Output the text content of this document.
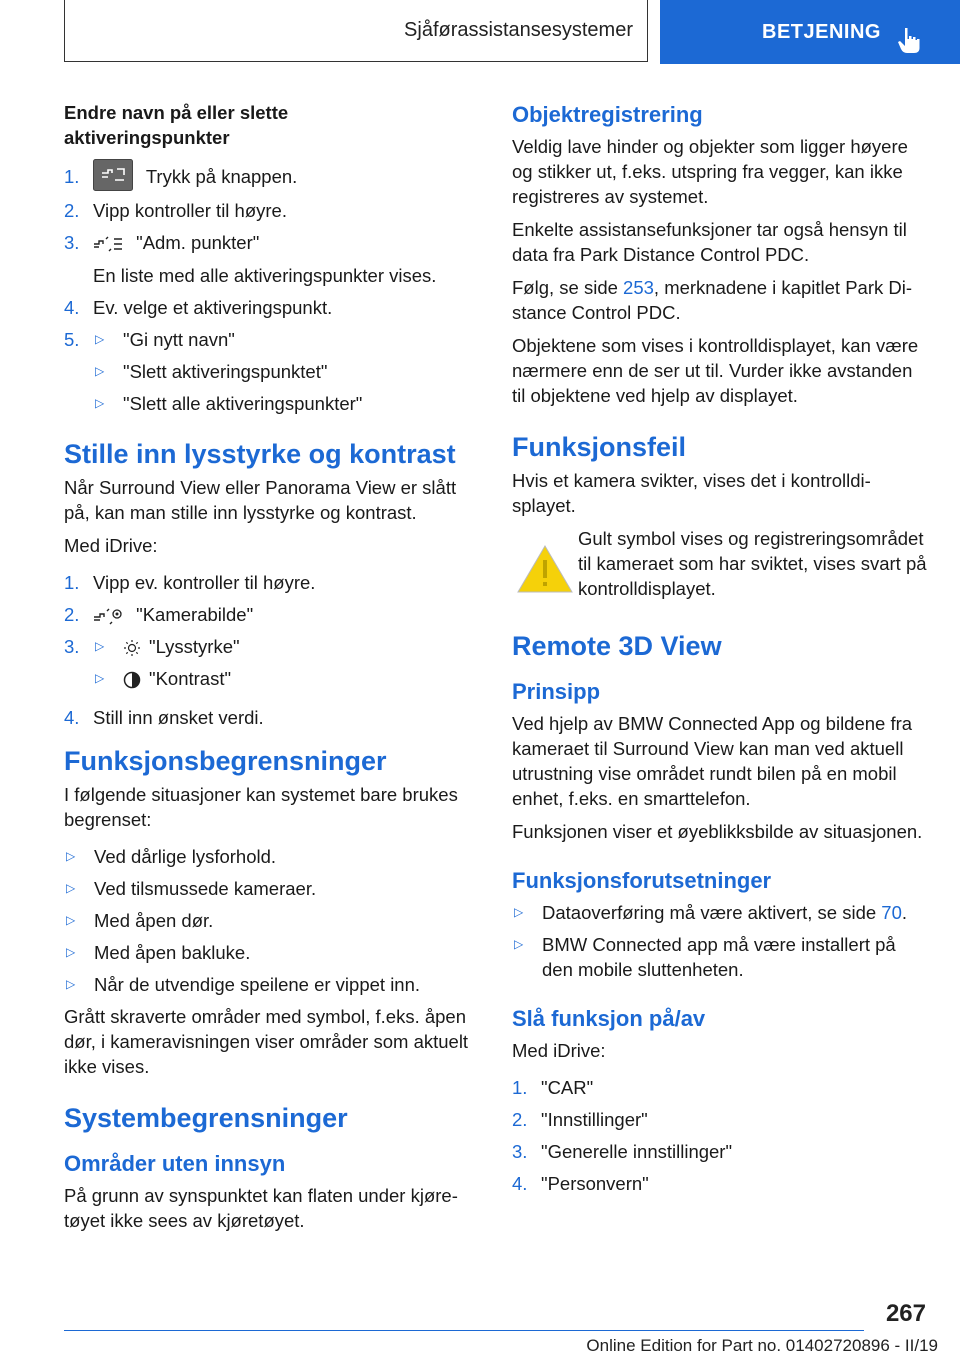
Sjåførassistansesystemer	BETJENING

Endre navn på eller slette aktiveringspunkter

1.	Trykk på knappen.
2. Vipp kontroller til høyre.
3.	"Adm. punkter"
En liste med alle aktiveringspunkter vises.
4. Ev. velge et aktiveringspunkt.
5.	▷	"Gi nytt navn"
▷	"Slett aktiveringspunktet"
▷	"Slett alle aktiveringspunkter"
Stille inn lysstyrke og kontrast

Når Surround View eller Panorama View er slått på, kan man stille inn lysstyrke og kontrast.

Med iDrive:

1. Vipp ev. kontroller til høyre.
2.	"Kamerabilde"
3.	▷	"Lysstyrke"
▷	"Kontrast"
4. Still inn ønsket verdi.
Funksjonsbegrensninger

I følgende situasjoner kan systemet bare brukes begrenset:

▷	Ved dårlige lysforhold.
▷	Ved tilsmussede kameraer.
▷	Med åpen dør.
▷	Med åpen bakluke.
▷	Når de utvendige speilene er vippet inn.

Grått skraverte områder med symbol, f.eks. åpen dør, i kameravisningen viser områder som aktuelt ikke vises.

Systembegrensninger
Områder uten innsyn

På grunn av synspunktet kan flaten under kjøretøyet ikke sees av kjøretøyet.

Objektregistrering

Veldig lave hinder og objekter som ligger høyere og stikker ut, f.eks. utspring fra vegger, kan ikke registreres av systemet.

Enkelte assistansefunksjoner tar også hensyn til data fra Park Distance Control PDC.

Følg, se side 253, merknadene i kapitlet Park Distance Control PDC.

Objektene som vises i kontrolldisplayet, kan være nærmere enn de ser ut til. Vurder ikke avstanden til objektene ved hjelp av displayet.

Funksjonsfeil

Hvis et kamera svikter, vises det i kontrolldisplayet.

Gult symbol vises og registreringsområdet til kameraet som har sviktet, vises svart på kontrolldisplayet.
Remote 3D View
Prinsipp

Ved hjelp av BMW Connected App og bildene fra kameraet til Surround View kan man ved aktuell utrustning vise området rundt bilen på en mobil enhet, f.eks. en smarttelefon.

Funksjonen viser et øyeblikksbilde av situasjonen.

Funksjonsforutsetninger
▷	Dataoverføring må være aktivert, se side 70.
▷	BMW Connected app må være installert på den mobile sluttenheten.
Slå funksjon på/av

Med iDrive:

1. "CAR"
2. "Innstillinger"
3. "Generelle innstillinger"
4. "Personvern"
267
Online Edition for Part no. 01402720896 - II/19
